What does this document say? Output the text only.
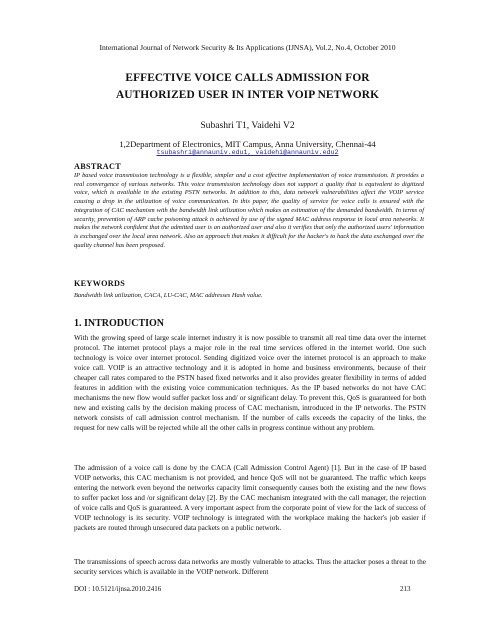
International Journal of Network Security & Its Applications (IJNSA), Vol.2, No.4, October 2010
EFFECTIVE VOICE CALLS ADMISSION FOR
AUTHORIZED USER IN INTER VOIP NETWORK
Subashri T1, Vaidehi V2
1,2Department of Electronics, MIT Campus, Anna University, Chennai-44
tsubashri@annauniv.edu1, vaidehi@annauniv.edu2
ABSTRACT
IP based voice transmission technology is a flexible, simpler and a cost effective implementation of voice transmission. It provides a real convergence of various networks. This voice transmission technology does not support a quality that is equivalent to digitized voice, which is available in the existing PSTN networks. In addition to this, data network vulnerabilities affect the VOIP service causing a drop in the utilization of voice communication. In this paper, the quality of service for voice calls is ensured with the integration of CAC mechanism with the bandwidth link utilization which makes an estimation of the demanded bandwidth. In terms of security, prevention of ARP cache poisoning attack is achieved by use of the signed MAC address response in local area networks. It makes the network confident that the admitted user is an authorized user and also it verifies that only the authorized users' information is exchanged over the local area network. Also an approach that makes it difficult for the hacker's to hack the data exchanged over the quality channel has been proposed.
KEYWORDS
Bandwidth link utilization, CACA, LU-CAC, MAC addresses Hash value.
1. INTRODUCTION
With the growing speed of large scale internet industry it is now possible to transmit all real time data over the internet protocol. The internet protocol plays a major role in the real time services offered in the internet world. One such technology is voice over internet protocol. Sending digitized voice over the internet protocol is an approach to make voice call. VOIP is an attractive technology and it is adopted in home and business environments, because of their cheaper call rates compared to the PSTN based fixed networks and it also provides greater flexibility in terms of added features in addition with the existing voice communication techniques. As the IP based networks do not have CAC mechanisms the new flow would suffer packet loss and/ or significant delay. To prevent this, QoS is guaranteed for both new and existing calls by the decision making process of CAC mechanism, introduced in the IP networks. The PSTN network consists of call admission control mechanism. If the number of calls exceeds the capacity of the links, the request for new calls will be rejected while all the other calls in progress continue without any problem.
The admission of a voice call is done by the CACA (Call Admission Control Agent) [1]. But in the case of IP based VOIP networks, this CAC mechanism is not provided, and hence QoS will not be guaranteed. The traffic which keeps entering the network even beyond the networks capacity limit consequently causes both the existing and the new flows to suffer packet loss and /or significant delay [2]. By the CAC mechanism integrated with the call manager, the rejection of voice calls and QoS is guaranteed. A very important aspect from the corporate point of view for the lack of success of VOIP technology is its security. VOIP technology is integrated with the workplace making the hacker's job easier if packets are routed through unsecured data packets on a public network.
The transmissions of speech across data networks are mostly vulnerable to attacks. Thus the attacker poses a threat to the security services which is available in the VOIP network. Different
DOI : 10.5121/ijnsa.2010.2416	213
